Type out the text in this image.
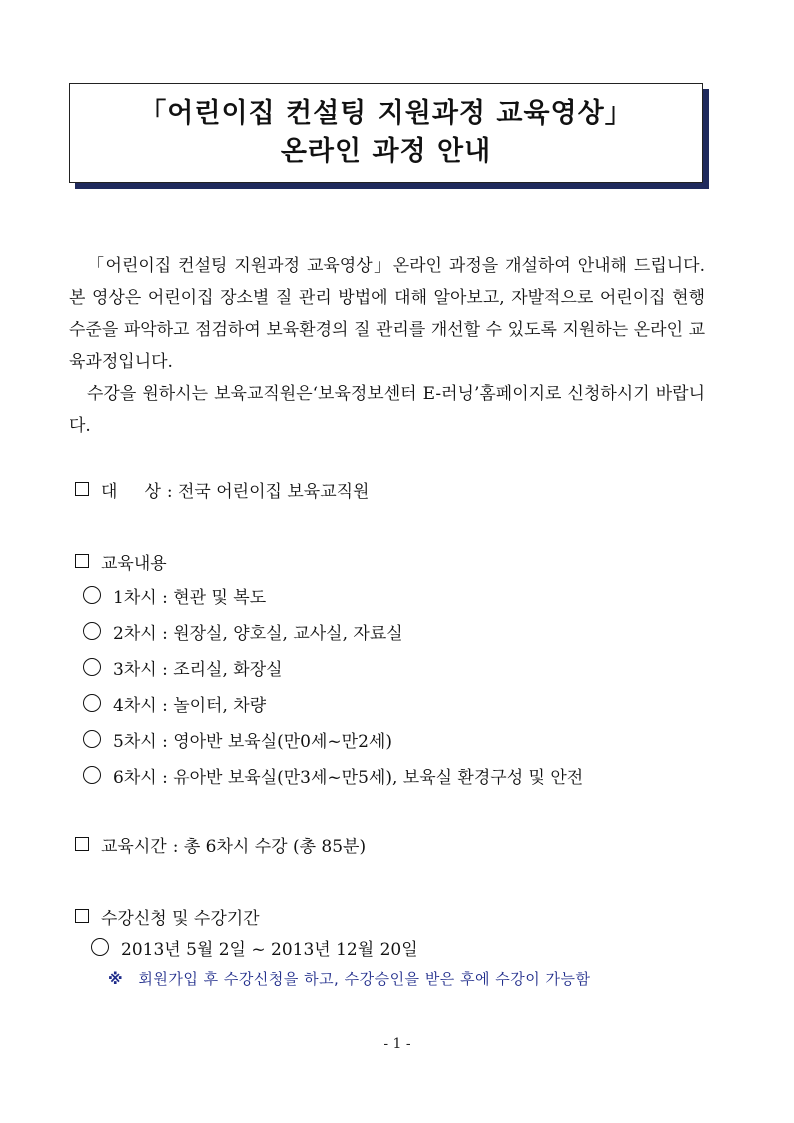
「어린이집 컨설팅 지원과정 교육영상」
온라인 과정 안내

「어린이집 컨설팅 지원과정 교육영상」온라인 과정을 개설하여 안내해 드립니다. 본 영상은 어린이집 장소별 질 관리 방법에 대해 알아보고, 자발적으로 어린이집 현행 수준을 파악하고 점검하여 보육환경의 질 관리를 개선할 수 있도록 지원하는 온라인 교육과정입니다.

수강을 원하시는 보육교직원은‘보육정보센터 E-러닝’홈페이지로 신청하시기 바랍니다.

대     상 : 전국 어린이집 보육교직원
교육내용
1차시 : 현관 및 복도
2차시 : 원장실, 양호실, 교사실, 자료실
3차시 : 조리실, 화장실
4차시 : 놀이터, 차량
5차시 : 영아반 보육실(만0세~만2세)
6차시 : 유아반 보육실(만3세~만5세), 보육실 환경구성 및 안전
교육시간 : 총 6차시 수강 (총 85분)
수강신청 및 수강기간
2013년 5월 2일 ~ 2013년 12월 20일
※ 회원가입 후 수강신청을 하고, 수강승인을 받은 후에 수강이 가능함
- 1 -
